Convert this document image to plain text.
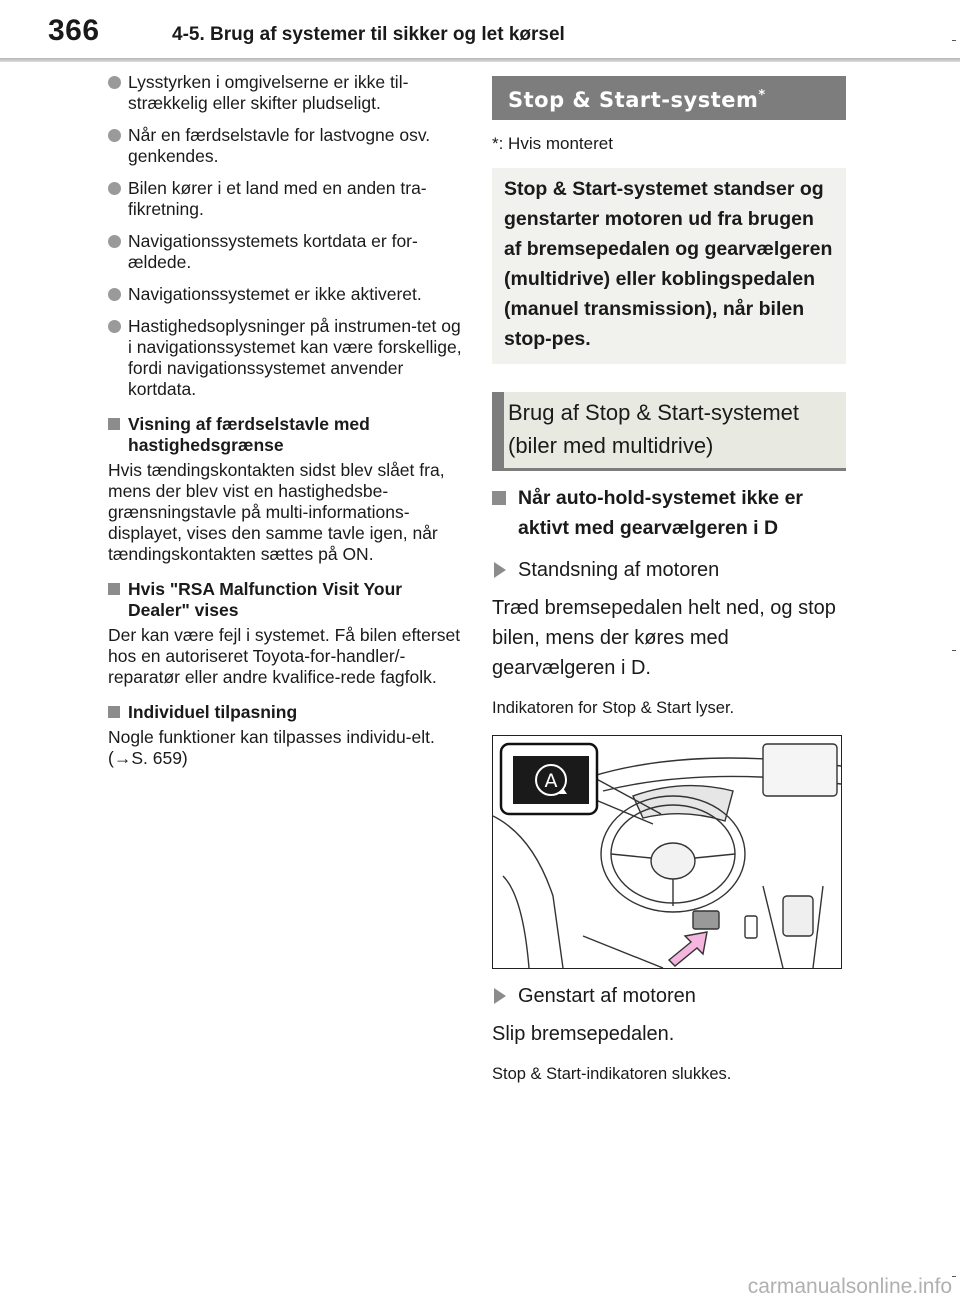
366	4-5. Brug af systemer til sikker og let kørsel
Lysstyrken i omgivelserne er ikke til-strækkelig eller skifter pludseligt.
Når en færdselstavle for lastvogne osv. genkendes.
Bilen kører i et land med en anden tra-fikretning.
Navigationssystemets kortdata er for-ældede.
Navigationssystemet er ikke aktiveret.
Hastighedsoplysninger på instrumen-tet og i navigationssystemet kan være forskellige, fordi navigationssystemet anvender kortdata.
Visning af færdselstavle med hastighedsgrænse

Hvis tændingskontakten sidst blev slået fra, mens der blev vist en hastighedsbe-grænsningstavle på multi-informations-displayet, vises den samme tavle igen, når tændingskontakten sættes på ON.

Hvis "RSA Malfunction Visit Your Dealer" vises

Der kan være fejl i systemet. Få bilen efterset hos en autoriseret Toyota-for-handler/-reparatør eller andre kvalifice-rede fagfolk.

Individuel tilpasning

Nogle funktioner kan tilpasses individu-elt. (→S. 659)

Stop & Start-system*
*: Hvis monteret
Stop & Start-systemet standser og genstarter motoren ud fra brugen af bremsepedalen og gearvælgeren (multidrive) eller koblingspedalen (manuel transmission), når bilen stop-pes.
Brug af Stop & Start-systemet (biler med multidrive)
Når auto-hold-systemet ikke er aktivt med gearvælgeren i D
Standsning af motoren
Træd bremsepedalen helt ned, og stop bilen, mens der køres med gearvælgeren i D.
Indikatoren for Stop & Start lyser.
A
Genstart af motoren
Slip bremsepedalen.
Stop & Start-indikatoren slukkes.
carmanualsonline.info
